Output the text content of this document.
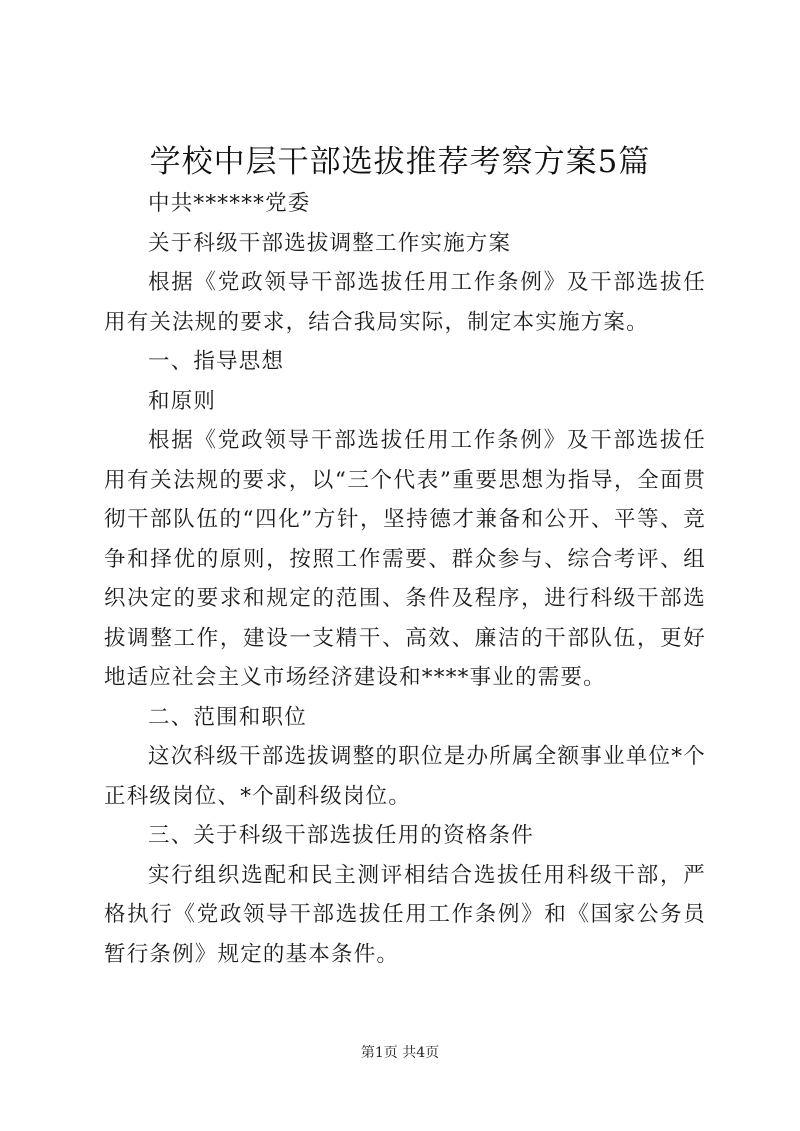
学校中层干部选拔推荐考察方案5篇

中共******党委

关于科级干部选拔调整工作实施方案

根据《党政领导干部选拔任用工作条例》及干部选拔任用有关法规的要求，结合我局实际，制定本实施方案。

一、指导思想

和原则

根据《党政领导干部选拔任用工作条例》及干部选拔任用有关法规的要求，以“三个代表”重要思想为指导，全面贯彻干部队伍的“四化”方针，坚持德才兼备和公开、平等、竞争和择优的原则，按照工作需要、群众参与、综合考评、组织决定的要求和规定的范围、条件及程序，进行科级干部选拔调整工作，建设一支精干、高效、廉洁的干部队伍，更好地适应社会主义市场经济建设和****事业的需要。

二、范围和职位

这次科级干部选拔调整的职位是办所属全额事业单位*个正科级岗位、*个副科级岗位。

三、关于科级干部选拔任用的资格条件

实行组织选配和民主测评相结合选拔任用科级干部，严格执行《党政领导干部选拔任用工作条例》和《国家公务员暂行条例》规定的基本条件。

第1页 共4页
